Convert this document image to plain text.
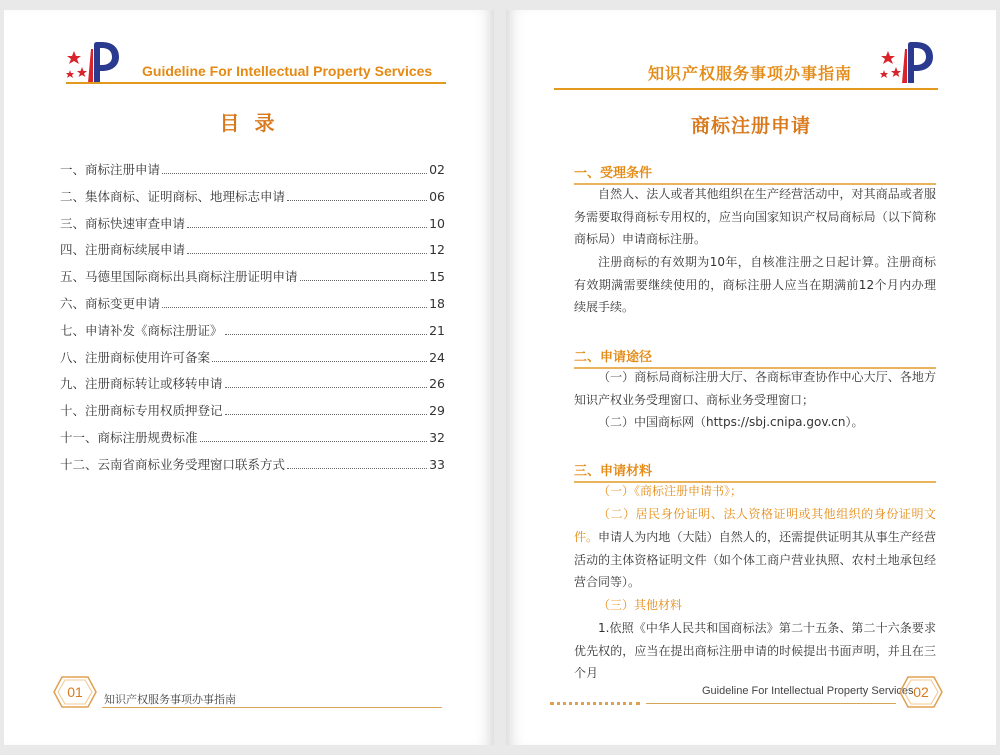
Guideline For Intellectual Property Services
目 录
一、商标注册申请	02
二、集体商标、证明商标、地理标志申请	06
三、商标快速审查申请	10
四、注册商标续展申请	12
五、马德里国际商标出具商标注册证明申请	15
六、商标变更申请	18
七、申请补发《商标注册证》	21
八、注册商标使用许可备案	24
九、注册商标转让或移转申请	26
十、注册商标专用权质押登记	29
十一、商标注册规费标准	32
十二、云南省商标业务受理窗口联系方式	33
01	知识产权服务事项办事指南
知识产权服务事项办事指南
商标注册申请
一、受理条件

自然人、法人或者其他组织在生产经营活动中，对其商品或者服务需要取得商标专用权的，应当向国家知识产权局商标局（以下简称商标局）申请商标注册。

注册商标的有效期为10年，自核准注册之日起计算。注册商标有效期满需要继续使用的，商标注册人应当在期满前12个月内办理续展手续。

二、申请途径

（一）商标局商标注册大厅、各商标审查协作中心大厅、各地方知识产权业务受理窗口、商标业务受理窗口；

（二）中国商标网（https://sbj.cnipa.gov.cn）。

三、申请材料

（一）《商标注册申请书》；

（二）居民身份证明、法人资格证明或其他组织的身份证明文件。 申请人为内地（大陆）自然人的，还需提供证明其从事生产经营活动的主体资格证明文件（如个体工商户营业执照、农村土地承包经营合同等）。

（三）其他材料

1.依照《中华人民共和国商标法》第二十五条、第二十六条要求优先权的，应当在提出商标注册申请的时候提出书面声明，并且在三个月

Guideline For Intellectual Property Services 02
